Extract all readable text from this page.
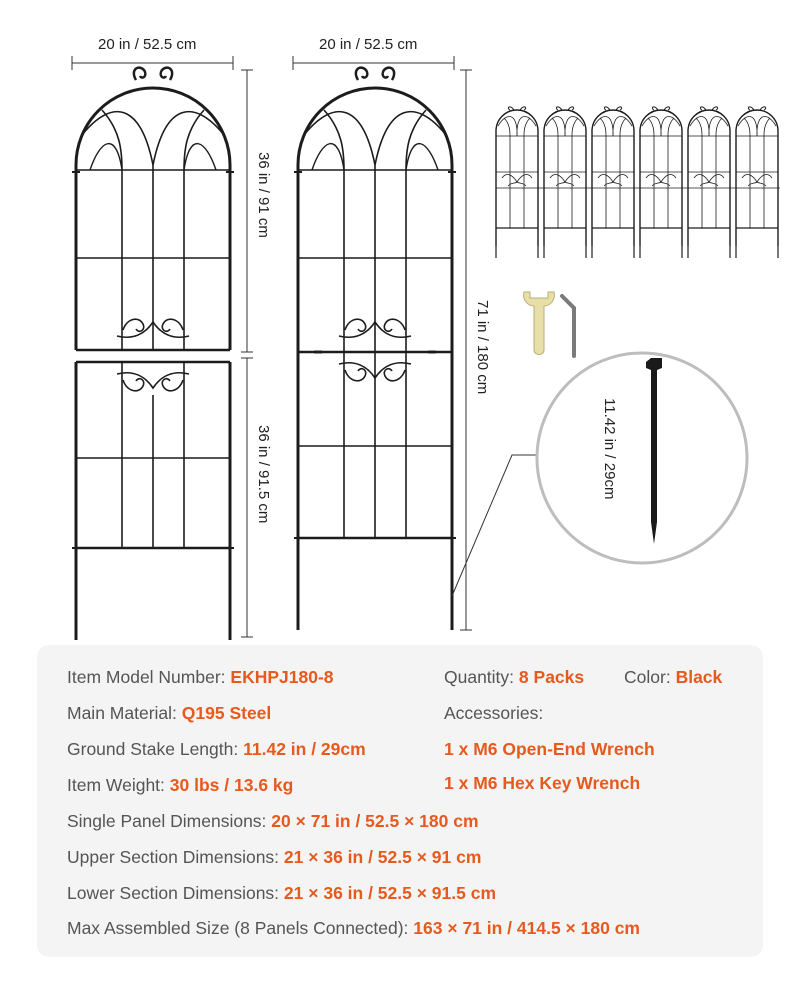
20 in / 52.5 cm	20 in / 52.5 cm
36 in / 91 cm
36 in / 91.5 cm
71 in / 180 cm
11.42 in / 29cm
Item Model Number: EKHPJ180-8	Quantity: 8 Packs Color: Black
Main Material: Q195 Steel	Accessories:
Ground Stake Length: 11.42 in / 29cm	1 x M6 Open-End Wrench
Item Weight: 30 lbs / 13.6 kg	1 x M6 Hex Key Wrench
Single Panel Dimensions: 20 × 71 in / 52.5 × 180 cm
Upper Section Dimensions: 21 × 36 in / 52.5 × 91 cm
Lower Section Dimensions: 21 × 36 in / 52.5 × 91.5 cm
Max Assembled Size (8 Panels Connected): 163 × 71 in / 414.5 × 180 cm
